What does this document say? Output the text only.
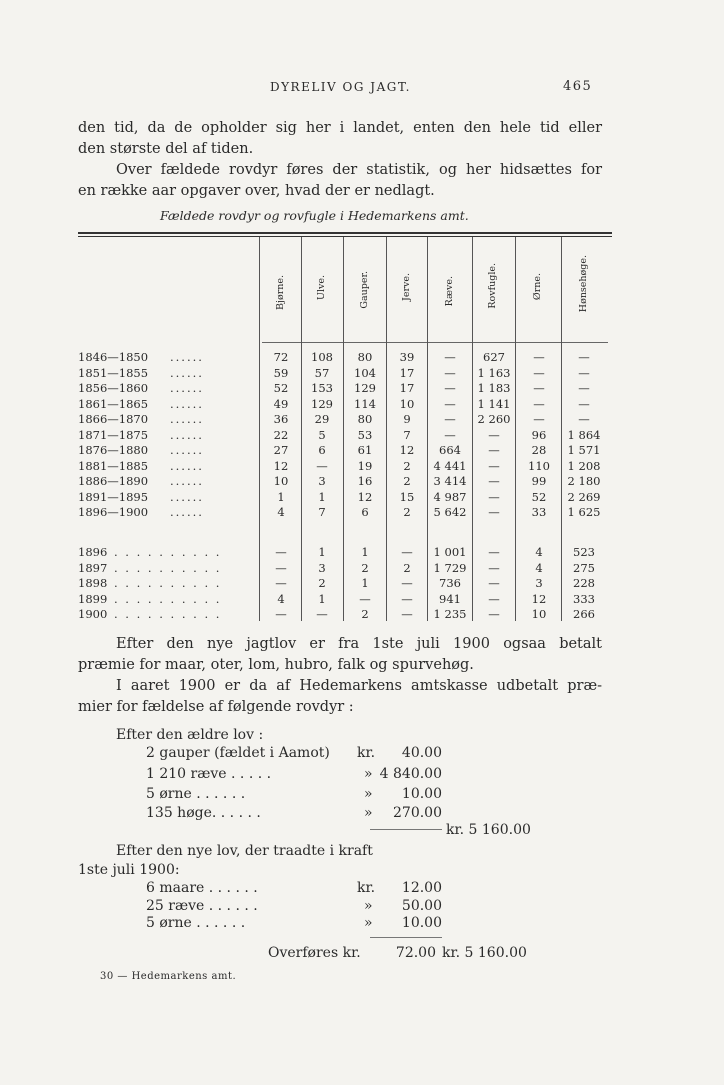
DYRELIV OG JAGT.	465

den tid, da de opholder sig her i landet, enten den hele tid eller

den største del af tiden.

Over fældede rovdyr føres der statistik, og her hidsættes for

en række aar opgaver over, hvad der er nedlagt.

Fældede rovdyr og rovfugle i Hedemarkens amt.
Bjørne.	Ulve.	Gauper.	Jerve.	Ræve.	Rovfugle.	Ørne.	Hønsehøge.
1846—1850 ......	72	108	80	39	—	627	—	—
1851—1855 ......	59	57	104	17	—	1 163	—	—
1856—1860 ......	52	153	129	17	—	1 183	—	—
1861—1865 ......	49	129	114	10	—	1 141	—	—
1866—1870 ......	36	29	80	9	—	2 260	—	—
1871—1875 ......	22	5	53	7	—	—	96	1 864
1876—1880 ......	27	6	61	12	664	—	28	1 571
1881—1885 ......	12	—	19	2	4 441	—	110	1 208
1886—1890 ......	10	3	16	2	3 414	—	99	2 180
1891—1895 ......	1	1	12	15	4 987	—	52	2 269
1896—1900 ......	4	7	6	2	5 642	—	33	1 625
1896 . . . . . . . . . .	—	1	1	—	1 001	—	4	523
1897 . . . . . . . . . .	—	3	2	2	1 729	—	4	275
1898 . . . . . . . . . .	—	2	1	—	736	—	3	228
1899 . . . . . . . . . .	4	1	—	—	941	—	12	333
1900 . . . . . . . . . .	—	—	2	—	1 235	—	10	266

Efter den nye jagtlov er fra 1ste juli 1900 ogsaa betalt

præmie for maar, oter, lom, hubro, falk og spurvehøg.

I aaret 1900 er da af Hedemarkens amtskasse udbetalt præ-

mier for fældelse af følgende rovdyr :

Efter den ældre lov :
2 gauper (fældet i Aamot) kr.	40.00
1 210 ræve . . . . .	» 4 840.00
5 ørne . . . . . .	»	10.00
135 høge. . . . . .	»	270.00
kr. 5 160.00
Efter den nye lov, der traadte i kraft
1ste juli 1900:
6 maare . . . . . .	kr.	12.00
25 ræve . . . . . .	»	50.00
5 ørne . . . . . .	»	10.00
Overføres kr.	72.00 kr. 5 160.00
30 — Hedemarkens amt.
